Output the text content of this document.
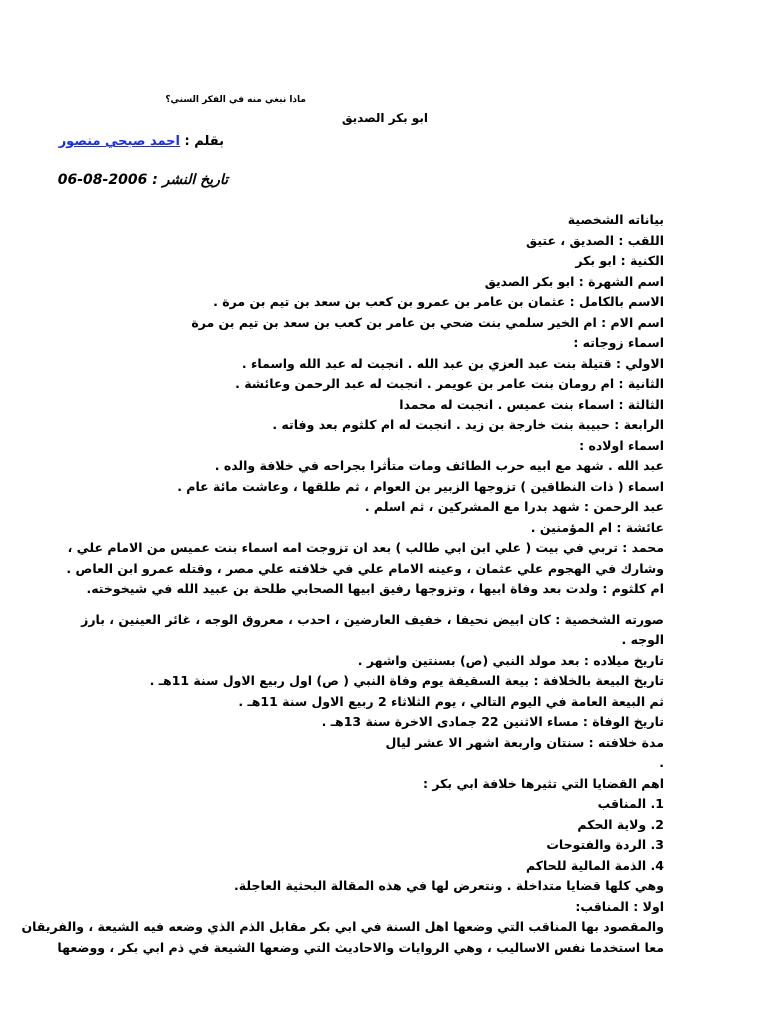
ماذا نبغي منه في الفكر السني؟
ابو بكر الصديق
بقلم : احمد صبحي منصور
تاريخ النشر : 06-08-2006
بياناته الشخصية
اللقب : الصديق ، عتيق
الكنية : ابو بكر
اسم الشهرة : ابو بكر الصديق
الاسم بالكامل : عثمان بن عامر بن عمرو بن كعب بن سعد بن تيم بن مرة .
اسم الام : ام الخير سلمي بنت ضحي بن عامر بن كعب بن سعد بن تيم بن مرة
اسماء زوجاته :
الاولي : قتيلة بنت عبد العزي بن عبد الله . انجبت له عبد الله واسماء .
الثانية : ام رومان بنت عامر بن عويمر . انجبت له عبد الرحمن وعائشة .
الثالثة : اسماء بنت عميس . انجبت له محمدا
الرابعة : حبيبة بنت خارجة بن زيد . انجبت له ام كلثوم بعد وفاته .
اسماء اولاده :
عبد الله . شهد مع ابيه حرب الطائف ومات متأثرا بجراحه في خلافة والده .
اسماء ( ذات النطاقين ) تزوجها الزبير بن العوام ، ثم طلقها ، وعاشت مائة عام .
عبد الرحمن : شهد بدرا مع المشركين ، ثم اسلم .
عائشة : ام المؤمنين .
محمد : تربي في بيت ( علي ابن ابي طالب ) بعد ان تزوجت امه اسماء بنت عميس من الامام علي ،
وشارك في الهجوم علي عثمان ، وعينه الامام علي في خلافته علي مصر ، وقتله عمرو ابن العاص .
ام كلثوم : ولدت بعد وفاة ابيها ، وتزوجها رفيق ابيها الصحابي طلحة بن عبيد الله في شيخوخته.
صورته الشخصية : كان ابيض نحيفا ، خفيف العارضين ، احدب ، معروق الوجه ، غائر العينين ، بارز
الوجه .
تاريخ ميلاده : بعد مولد النبي (ص) بسنتين واشهر .
تاريخ البيعة بالخلافة : بيعة السقيفة يوم وفاة النبي ( ص) اول ربيع الاول سنة 11هـ .
ثم البيعة العامة في اليوم التالي ، يوم الثلاثاء 2 ربيع الاول سنة 11هـ .
تاريخ الوفاة : مساء الاثنين 22 جمادى الاخرة سنة 13هـ .
مدة خلافته : سنتان واربعة اشهر الا عشر ليال
.
اهم القضايا التي تثيرها خلافة ابي بكر :
1. المناقب
2. ولاية الحكم
3. الردة والفتوحات
4. الذمة المالية للحاكم
وهي كلها قضايا متداخلة . ونتعرض لها في هذه المقالة البحثية العاجلة.
اولا : المناقب:
والمقصود بها المناقب التي وضعها اهل السنة في ابي بكر مقابل الذم الذي وضعه فيه الشيعة ، والفريقان
معا استخدما نفس الاساليب ، وهي الروايات والاحاديث التي وضعها الشيعة في ذم ابي بكر ، ووضعها
